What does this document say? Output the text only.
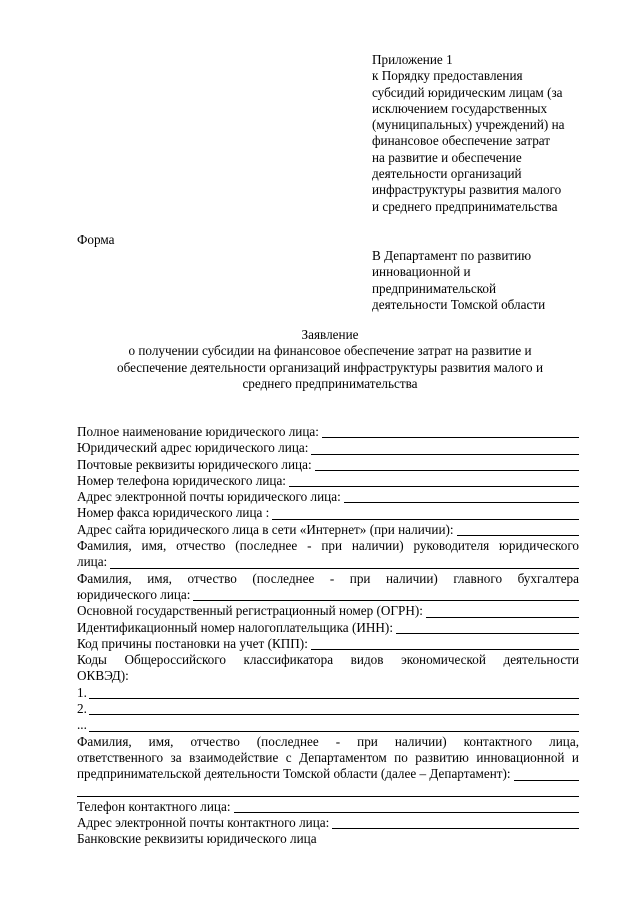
Приложение 1
к Порядку предоставления
субсидий юридическим лицам (за
исключением государственных
(муниципальных) учреждений) на
финансовое обеспечение затрат
на развитие и обеспечение
деятельности организаций
инфраструктуры развития малого
и среднего предпринимательства
Форма
В Департамент по развитию
инновационной и
предпринимательской
деятельности Томской области
Заявление
о получении субсидии на финансовое обеспечение затрат на развитие и
обеспечение деятельности организаций инфраструктуры развития малого и
среднего предпринимательства
Полное наименование юридического лица:
Юридический адрес юридического лица:
Почтовые реквизиты юридического лица:
Номер телефона юридического лица:
Адрес электронной почты юридического лица:
Номер факса юридического лица :
Адрес сайта юридического лица в сети «Интернет» (при наличии):
Фамилия, имя, отчество (последнее - при наличии) руководителя юридического
лица:
Фамилия, имя, отчество (последнее - при наличии) главного бухгалтера
юридического лица:
Основной государственный регистрационный номер (ОГРН):
Идентификационный номер налогоплательщика (ИНН):
Код причины постановки на учет (КПП):
Коды Общероссийского классификатора видов экономической деятельности
ОКВЭД):
1.
2.
...
Фамилия, имя, отчество (последнее - при наличии) контактного лица,
ответственного за взаимодействие с Департаментом по развитию инновационной и
предпринимательской деятельности Томской области (далее – Департамент):
Телефон контактного лица:
Адрес электронной почты контактного лица:
Банковские реквизиты юридического лица
